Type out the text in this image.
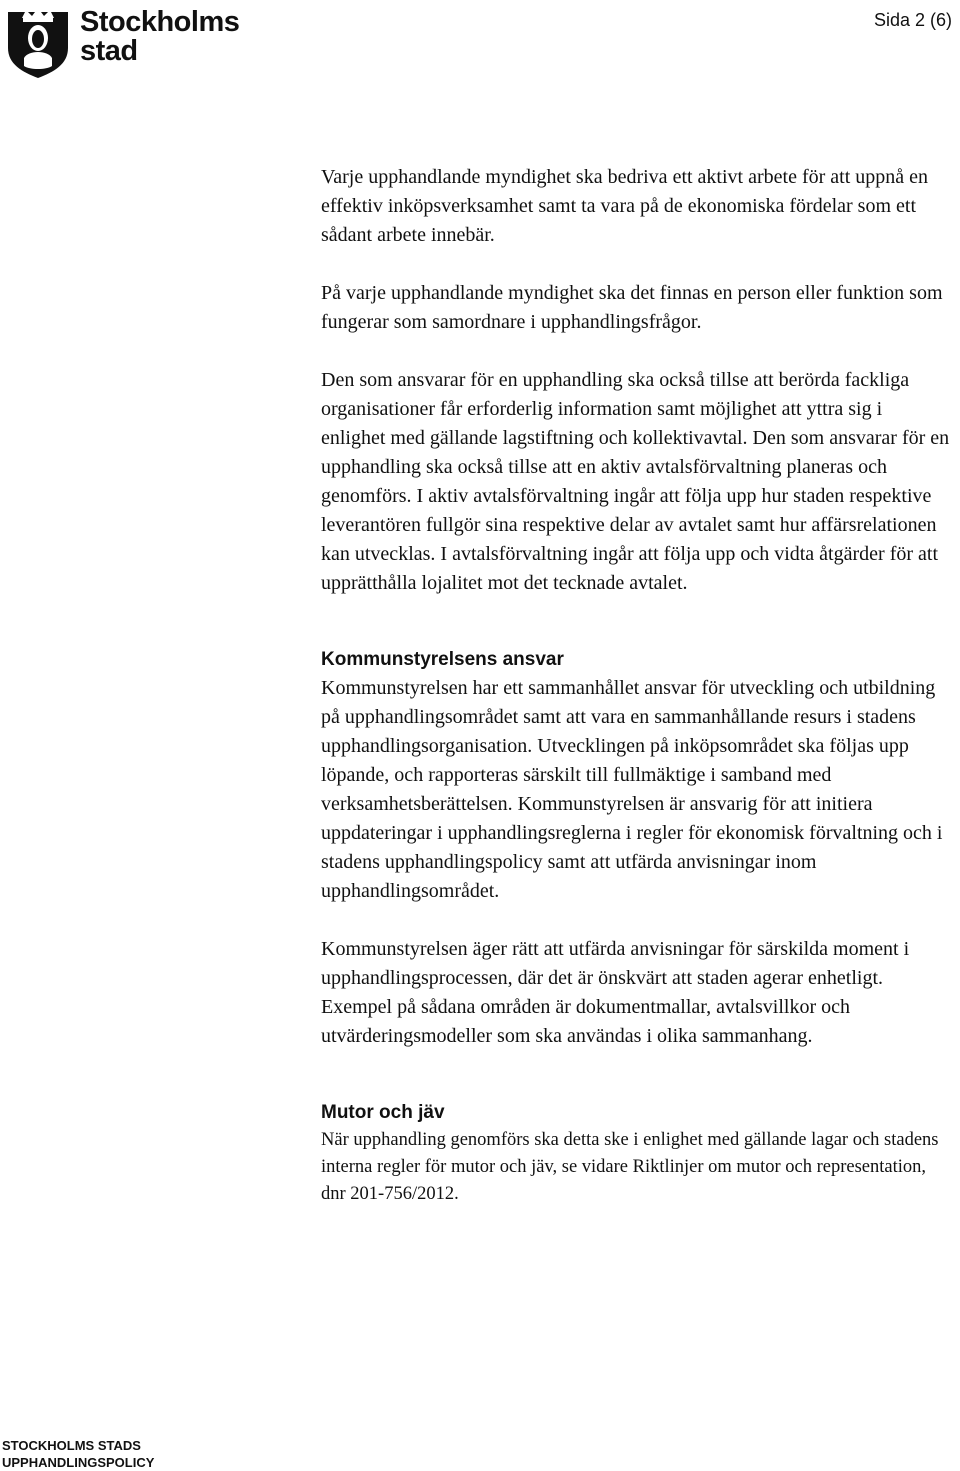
Stockholms
stad
Sida 2 (6)

Varje upphandlande myndighet ska bedriva ett aktivt arbete för att uppnå en effektiv inköpsverksamhet samt ta vara på de ekonomiska fördelar som ett sådant arbete innebär.

På varje upphandlande myndighet ska det finnas en person eller funktion som fungerar som samordnare i upphandlingsfrågor.

Den som ansvarar för en upphandling ska också tillse att berörda fackliga organisationer får erforderlig information samt möjlighet att yttra sig i enlighet med gällande lagstiftning och kollektivavtal. Den som ansvarar för en upphandling ska också tillse att en aktiv avtalsförvaltning planeras och genomförs. I aktiv avtalsförvaltning ingår att följa upp hur staden respektive leverantören fullgör sina respektive delar av avtalet samt hur affärsrelationen kan utvecklas. I avtalsförvaltning ingår att följa upp och vidta åtgärder för att upprätthålla lojalitet mot det tecknade avtalet.

Kommunstyrelsens ansvar

Kommunstyrelsen har ett sammanhållet ansvar för utveckling och utbildning på upphandlingsområdet samt att vara en sammanhållande resurs i stadens upphandlingsorganisation. Utvecklingen på inköpsområdet ska följas upp löpande, och rapporteras särskilt till fullmäktige i samband med verksamhetsberättelsen. Kommunstyrelsen är ansvarig för att initiera uppdateringar i upphandlingsreglerna i regler för ekonomisk förvaltning och i stadens upphandlingspolicy samt att utfärda anvisningar inom upphandlingsområdet.

Kommunstyrelsen äger rätt att utfärda anvisningar för särskilda moment i upphandlingsprocessen, där det är önskvärt att staden agerar enhetligt. Exempel på sådana områden är dokumentmallar, avtalsvillkor och utvärderingsmodeller som ska användas i olika sammanhang.

Mutor och jäv

När upphandling genomförs ska detta ske i enlighet med gällande lagar och stadens interna regler för mutor och jäv, se vidare Riktlinjer om mutor och representation, dnr 201-756/2012.

STOCKHOLMS STADS
UPPHANDLINGSPOLICY
